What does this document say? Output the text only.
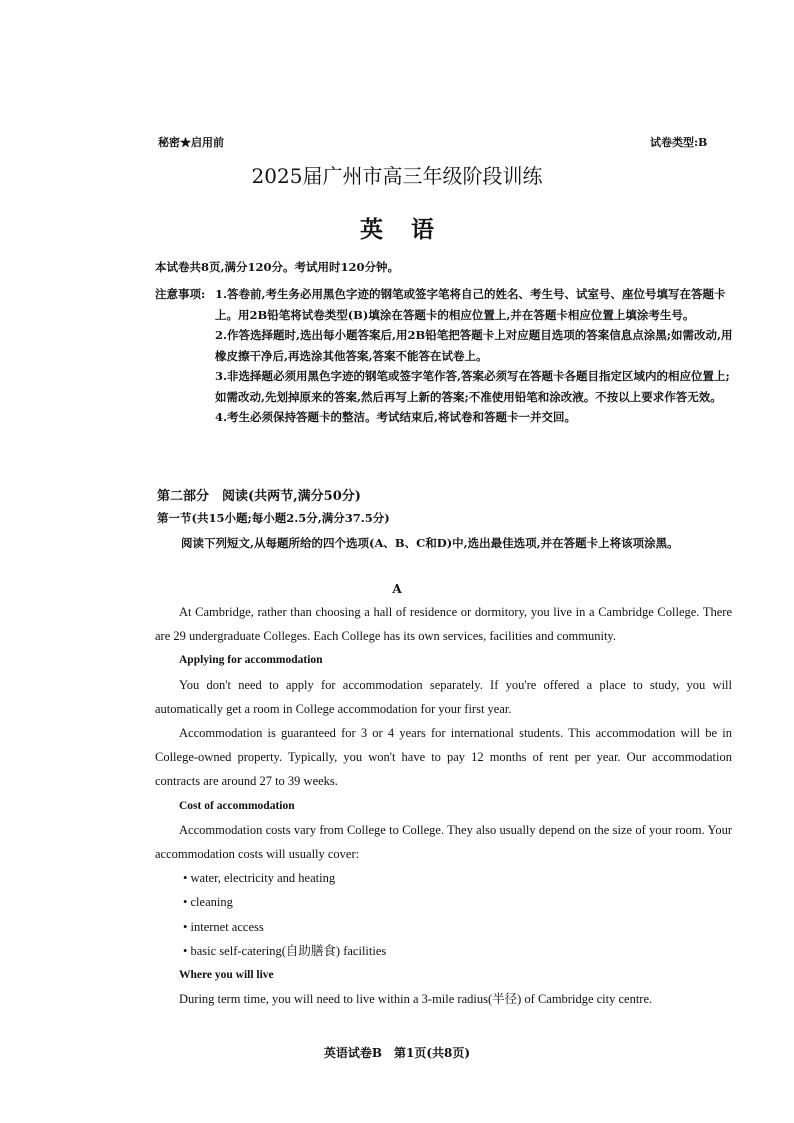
秘密★启用前	试卷类型:B
2025届广州市高三年级阶段训练
英语
本试卷共8页,满分120分。考试用时120分钟。
注意事项: 1.答卷前,考生务必用黑色字迹的钢笔或签字笔将自己的姓名、考生号、试室号、座位号填写在答题卡上。用2B铅笔将试卷类型(B)填涂在答题卡的相应位置上,并在答题卡相应位置上填涂考生号。
2.作答选择题时,选出每小题答案后,用2B铅笔把答题卡上对应题目选项的答案信息点涂黑;如需改动,用橡皮擦干净后,再选涂其他答案,答案不能答在试卷上。
3.非选择题必须用黑色字迹的钢笔或签字笔作答,答案必须写在答题卡各题目指定区域内的相应位置上;如需改动,先划掉原来的答案,然后再写上新的答案;不准使用铅笔和涂改液。不按以上要求作答无效。
4.考生必须保持答题卡的整洁。考试结束后,将试卷和答题卡一并交回。
第二部分　阅读(共两节,满分50分)
第一节(共15小题;每小题2.5分,满分37.5分)
阅读下列短文,从每题所给的四个选项(A、B、C和D)中,选出最佳选项,并在答题卡上将该项涂黑。
A

At Cambridge, rather than choosing a hall of residence or dormitory, you live in a Cambridge College. There are 29 undergraduate Colleges. Each College has its own services, facilities and community.

Applying for accommodation

You don't need to apply for accommodation separately. If you're offered a place to study, you will automatically get a room in College accommodation for your first year.

Accommodation is guaranteed for 3 or 4 years for international students. This accommodation will be in College-owned property. Typically, you won't have to pay 12 months of rent per year. Our accommodation contracts are around 27 to 39 weeks.

Cost of accommodation

Accommodation costs vary from College to College. They also usually depend on the size of your room. Your accommodation costs will usually cover:

• water, electricity and heating

• cleaning

• internet access

• basic self-catering(自助膳食) facilities

Where you will live

During term time, you will need to live within a 3-mile radius(半径) of Cambridge city centre.

英语试卷B　第1页(共8页)
